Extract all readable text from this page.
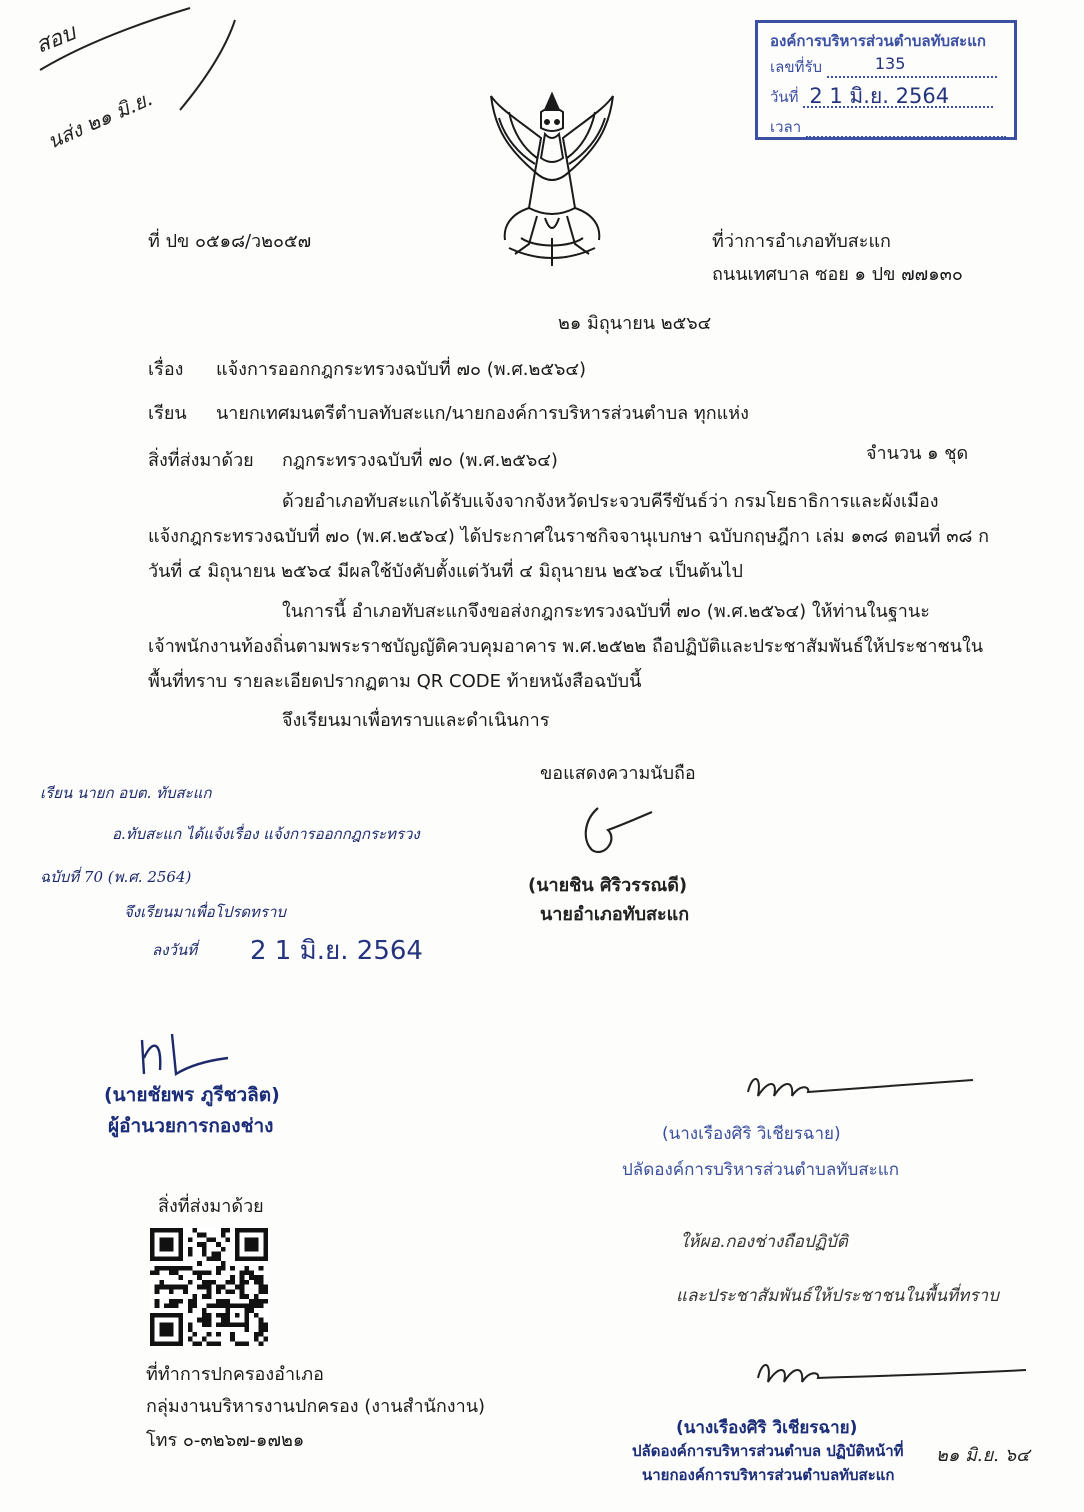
สอบ
นส่ง ๒๑ มิ.ย.
องค์การบริหารส่วนตำบลทับสะแก
เลขที่รับ	135

วันที่ 2 1 มิ.ย. 2564

เวลา
ที่ ปข ๐๕๑๘/ว๒๐๕๗	ที่ว่าการอำเภอทับสะแก
ถนนเทศบาล ซอย ๑ ปข ๗๗๑๓๐
๒๑ มิถุนายน ๒๕๖๔
เรื่อง แจ้งการออกกฎกระทรวงฉบับที่ ๗๐ (พ.ศ.๒๕๖๔)
เรียน นายกเทศมนตรีตำบลทับสะแก/นายกองค์การบริหารส่วนตำบล ทุกแห่ง
สิ่งที่ส่งมาด้วย กฎกระทรวงฉบับที่ ๗๐ (พ.ศ.๒๕๖๔)	จำนวน ๑ ชุด
ด้วยอำเภอทับสะแกได้รับแจ้งจากจังหวัดประจวบคีรีขันธ์ว่า กรมโยธาธิการและผังเมือง
แจ้งกฎกระทรวงฉบับที่ ๗๐ (พ.ศ.๒๕๖๔) ได้ประกาศในราชกิจจานุเบกษา ฉบับกฤษฎีกา เล่ม ๑๓๘ ตอนที่ ๓๘ ก
วันที่ ๔ มิถุนายน ๒๕๖๔ มีผลใช้บังคับตั้งแต่วันที่ ๔ มิถุนายน ๒๕๖๔ เป็นต้นไป
ในการนี้ อำเภอทับสะแกจึงขอส่งกฎกระทรวงฉบับที่ ๗๐ (พ.ศ.๒๕๖๔) ให้ท่านในฐานะ
เจ้าพนักงานท้องถิ่นตามพระราชบัญญัติควบคุมอาคาร พ.ศ.๒๕๒๒ ถือปฏิบัติและประชาสัมพันธ์ให้ประชาชนใน
พื้นที่ทราบ รายละเอียดปรากฏตาม QR CODE ท้ายหนังสือฉบับนี้
จึงเรียนมาเพื่อทราบและดำเนินการ
ขอแสดงความนับถือ
(นายชิน ศิริวรรณดี)
นายอำเภอทับสะแก
เรียน นายก อบต. ทับสะแก
อ.ทับสะแก ได้แจ้งเรื่อง แจ้งการออกกฎกระทรวง
ฉบับที่ 70 (พ.ศ. 2564)
จึงเรียนมาเพื่อโปรดทราบ
ลงวันที่ 2 1 มิ.ย. 2564
(นายชัยพร ภูรีชวลิต)
ผู้อำนวยการกองช่าง	(นางเรืองศิริ วิเชียรฉาย)
ปลัดองค์การบริหารส่วนตำบลทับสะแก
ให้ผอ.กองช่างถือปฏิบัติ
และประชาสัมพันธ์ให้ประชาชนในพื้นที่ทราบ
(นางเรืองศิริ วิเชียรฉาย)
ปลัดองค์การบริหารส่วนตำบล ปฏิบัติหน้าที่
นายกองค์การบริหารส่วนตำบลทับสะแก
๒๑ มิ.ย. ๖๔
สิ่งที่ส่งมาด้วย
ที่ทำการปกครองอำเภอ
กลุ่มงานบริหารงานปกครอง (งานสำนักงาน)
โทร ๐-๓๒๖๗-๑๗๒๑
